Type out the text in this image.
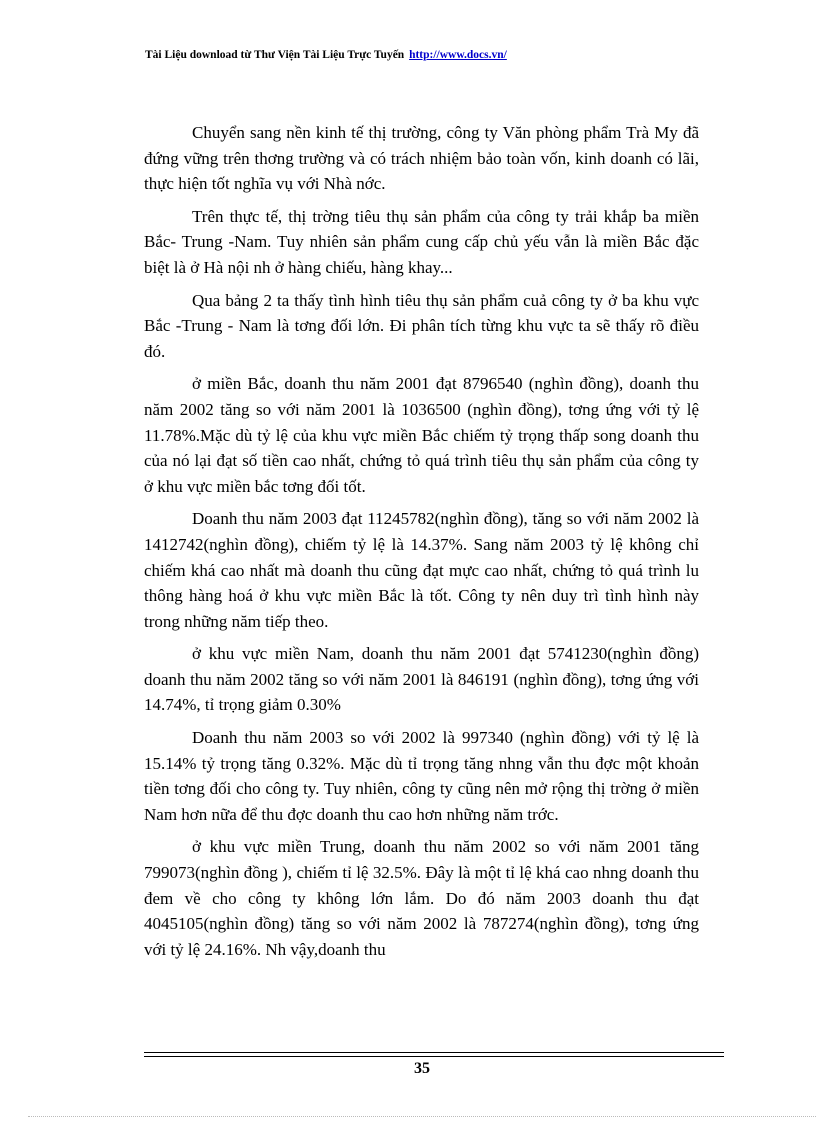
Tài Liệu download từ Thư Viện Tài Liệu Trực Tuyến http://www.docs.vn/

Chuyển sang nền kinh tế thị trường, công ty Văn phòng phẩm Trà My đã đứng vững trên thơng trường và có trách nhiệm bảo toàn vốn, kinh doanh có lãi, thực hiện tốt nghĩa vụ với Nhà nớc.

Trên thực tế, thị trờng tiêu thụ sản phẩm của công ty trải khắp ba miền Bắc- Trung -Nam. Tuy nhiên sản phẩm cung cấp chủ yếu vẫn là miền Bắc đặc biệt là ở Hà nội nh ở hàng chiếu, hàng khay...

Qua bảng 2 ta thấy tình hình tiêu thụ sản phẩm cuả công ty ở ba khu vực Bắc -Trung - Nam là tơng đối lớn. Đi phân tích từng khu vực ta sẽ thấy rõ điều đó.

ở miền Bắc, doanh thu năm 2001 đạt 8796540 (nghìn đồng), doanh thu năm 2002 tăng so với năm 2001 là 1036500 (nghìn đồng), tơng ứng với tỷ lệ 11.78%.Mặc dù tỷ lệ của khu vực miền Bắc chiếm tỷ trọng thấp song doanh thu của nó lại đạt số tiền cao nhất, chứng tỏ quá trình tiêu thụ sản phẩm của công ty ở khu vực miền bắc tơng đối tốt.

Doanh thu năm 2003 đạt 11245782(nghìn đồng), tăng so với năm 2002 là 1412742(nghìn đồng), chiếm tỷ lệ là 14.37%. Sang năm 2003 tỷ lệ không chỉ chiếm khá cao nhất mà doanh thu cũng đạt mực cao nhất, chứng tỏ quá trình lu thông hàng hoá ở khu vực miền Bắc là tốt. Công ty nên duy trì tình hình này trong những năm tiếp theo.

ở khu vực miền Nam, doanh thu năm 2001 đạt 5741230(nghìn đồng) doanh thu năm 2002 tăng so với năm 2001 là 846191 (nghìn đồng), tơng ứng với 14.74%, tỉ trọng giảm 0.30%

Doanh thu năm 2003 so với 2002 là 997340 (nghìn đồng) với tỷ lệ là 15.14% tỷ trọng tăng 0.32%. Mặc dù tỉ trọng tăng nhng vẫn thu đợc một khoản tiền tơng đối cho công ty. Tuy nhiên, công ty cũng nên mở rộng thị trờng ở miền Nam hơn nữa để thu đợc doanh thu cao hơn những năm trớc.

ở khu vực miền Trung, doanh thu năm 2002 so với năm 2001 tăng 799073(nghìn đồng ), chiếm tỉ lệ 32.5%. Đây là một tỉ lệ khá cao nhng doanh thu đem về cho công ty không lớn lắm. Do đó năm 2003 doanh thu đạt 4045105(nghìn đồng) tăng so với năm 2002 là 787274(nghìn đồng), tơng ứng với tỷ lệ 24.16%. Nh vậy,doanh thu

35
